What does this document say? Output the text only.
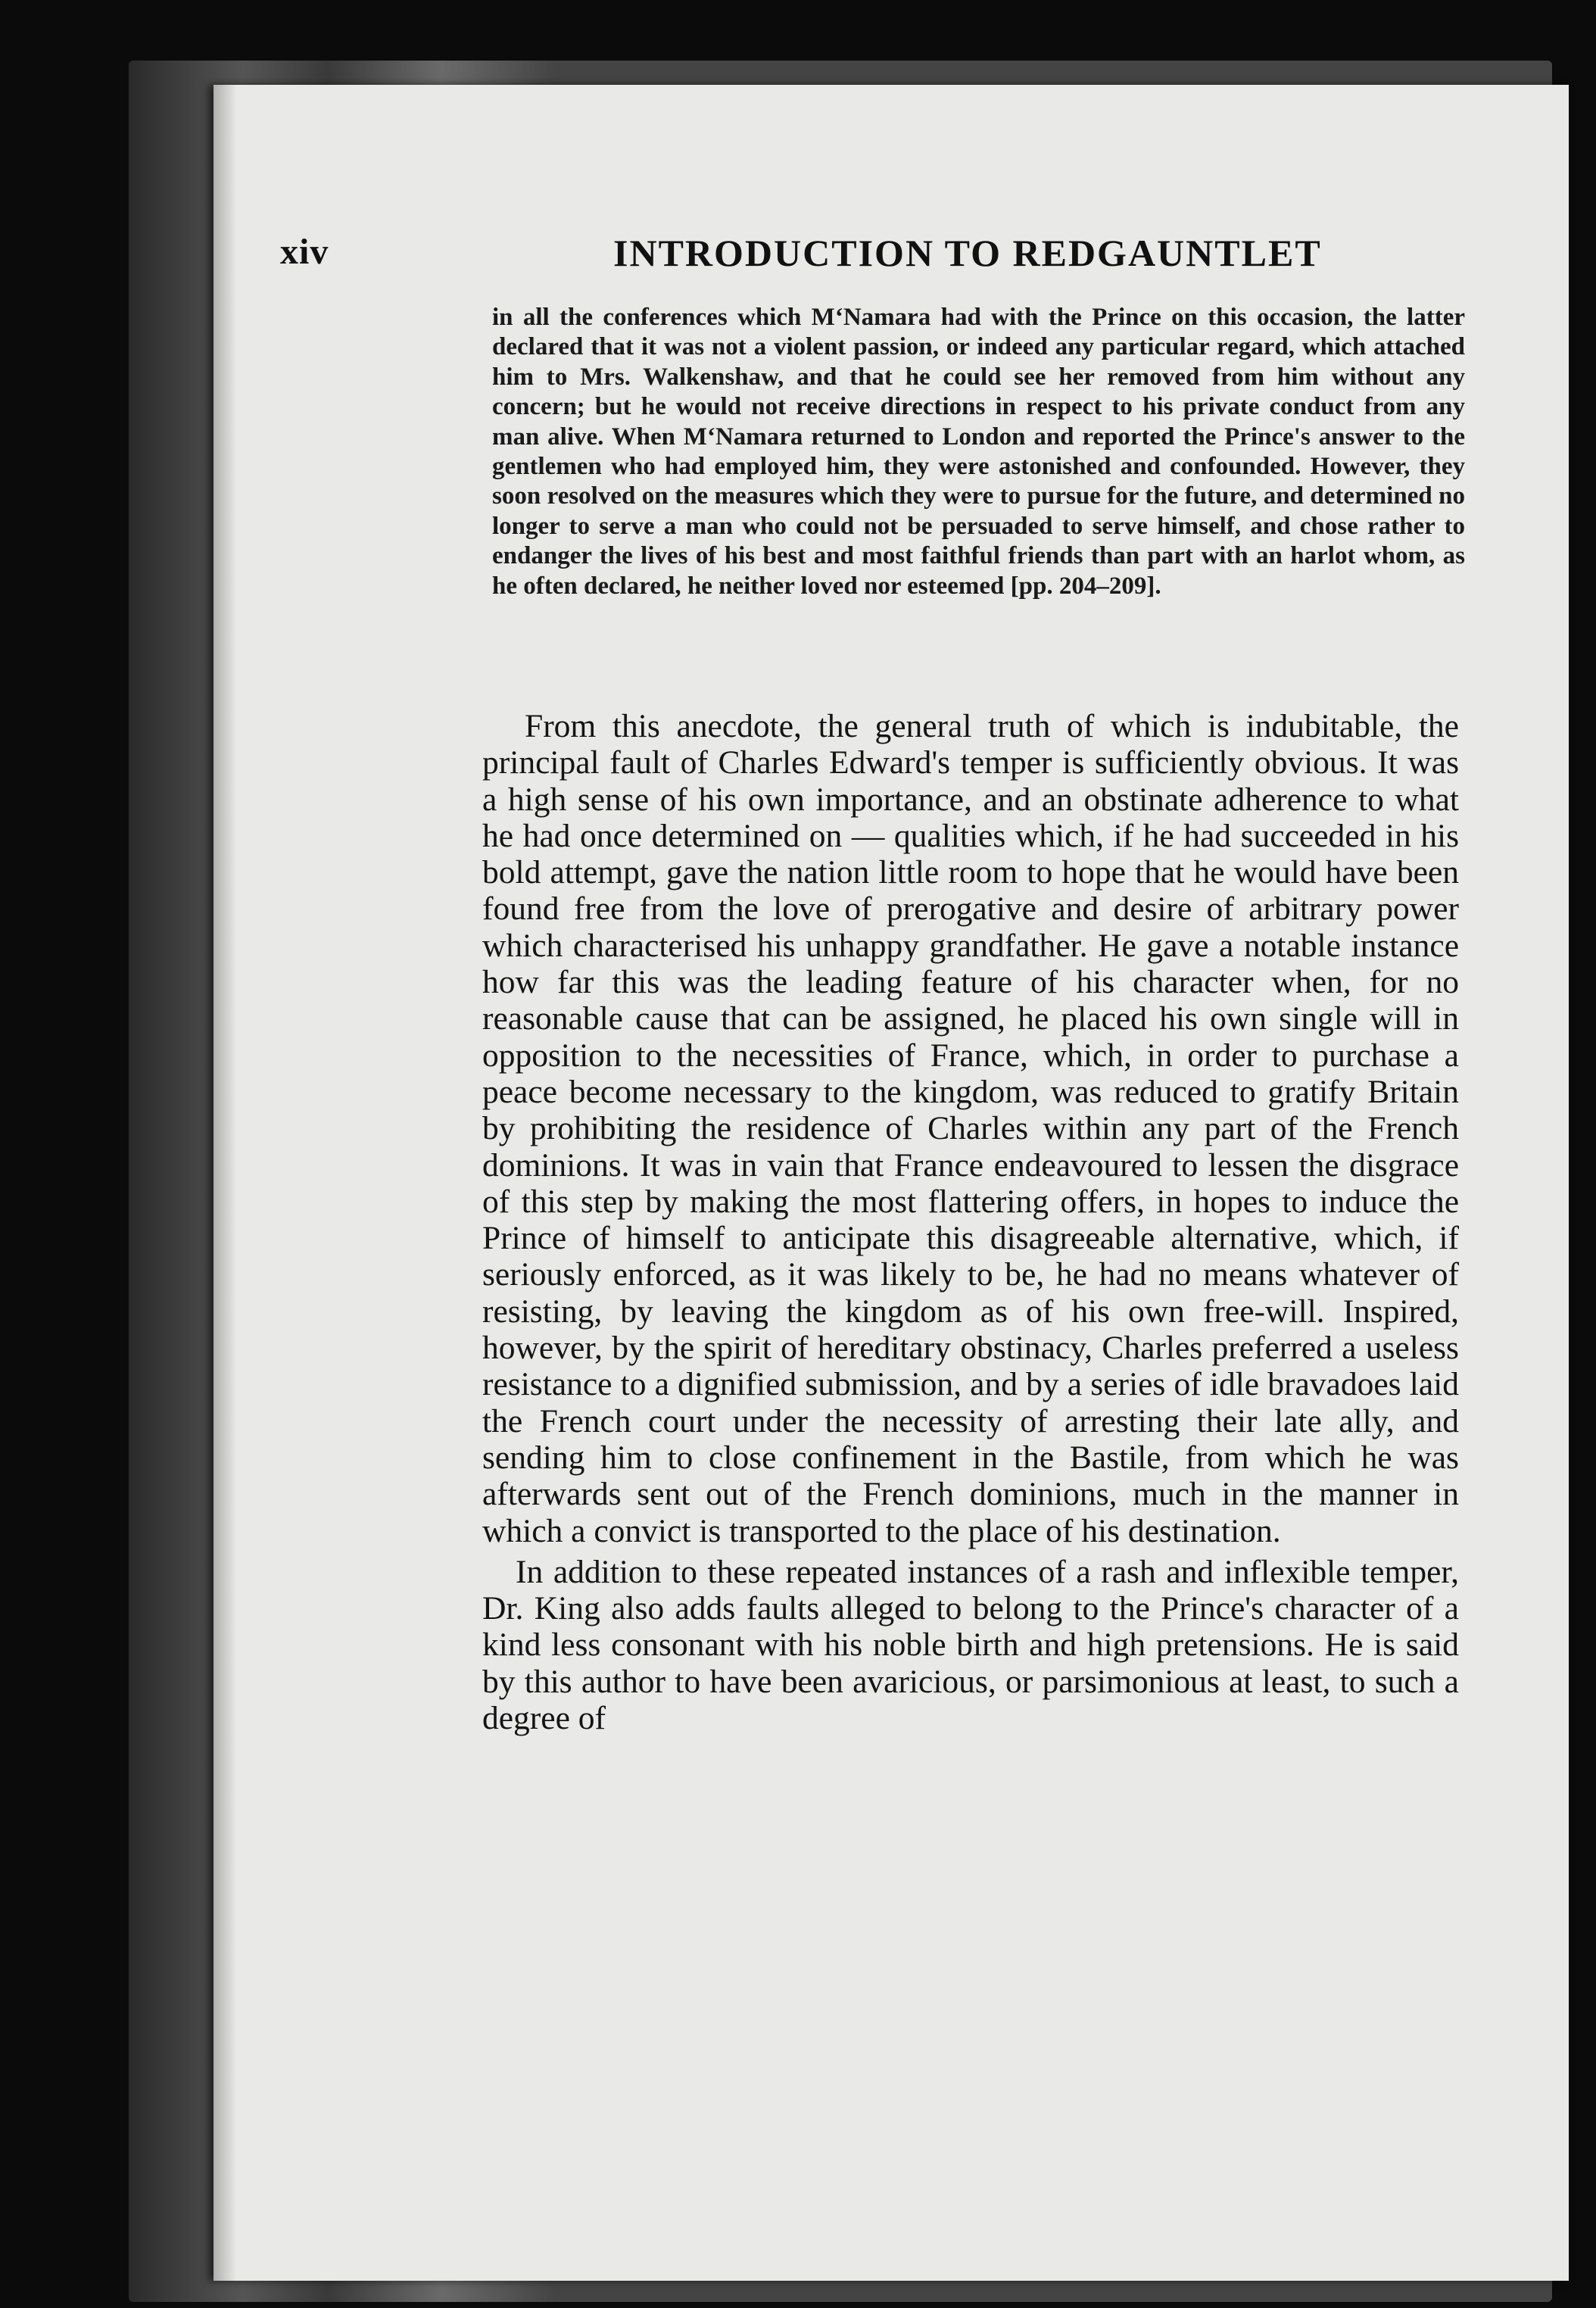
xiv	INTRODUCTION TO REDGAUNTLET

in all the conferences which M‘Namara had with the Prince on this occasion, the latter declared that it was not a violent passion, or indeed any particular regard, which attached him to Mrs. Walkenshaw, and that he could see her removed from him without any concern; but he would not receive directions in respect to his private conduct from any man alive. When M‘Namara returned to London and reported the Prince's answer to the gentlemen who had employed him, they were astonished and confounded. However, they soon resolved on the measures which they were to pursue for the future, and determined no longer to serve a man who could not be persuaded to serve himself, and chose rather to endanger the lives of his best and most faithful friends than part with an harlot whom, as he often declared, he neither loved nor esteemed [pp. 204–209].

From this anecdote, the general truth of which is indubitable, the principal fault of Charles Edward's temper is sufficiently obvious. It was a high sense of his own importance, and an obstinate adherence to what he had once determined on — qualities which, if he had succeeded in his bold attempt, gave the nation little room to hope that he would have been found free from the love of prerogative and desire of arbitrary power which characterised his unhappy grandfather. He gave a notable instance how far this was the leading feature of his character when, for no reasonable cause that can be assigned, he placed his own single will in opposition to the necessities of France, which, in order to purchase a peace become necessary to the kingdom, was reduced to gratify Britain by prohibiting the residence of Charles within any part of the French dominions. It was in vain that France endeavoured to lessen the disgrace of this step by making the most flattering offers, in hopes to induce the Prince of himself to anticipate this disagreeable alternative, which, if seriously enforced, as it was likely to be, he had no means whatever of resisting, by leaving the kingdom as of his own free-will. Inspired, however, by the spirit of hereditary obstinacy, Charles preferred a useless resistance to a dignified submission, and by a series of idle bravadoes laid the French court under the necessity of arresting their late ally, and sending him to close confinement in the Bastile, from which he was afterwards sent out of the French dominions, much in the manner in which a convict is transported to the place of his destination.

In addition to these repeated instances of a rash and inflexible temper, Dr. King also adds faults alleged to belong to the Prince's character of a kind less consonant with his noble birth and high pretensions. He is said by this author to have been avaricious, or parsimonious at least, to such a degree of
